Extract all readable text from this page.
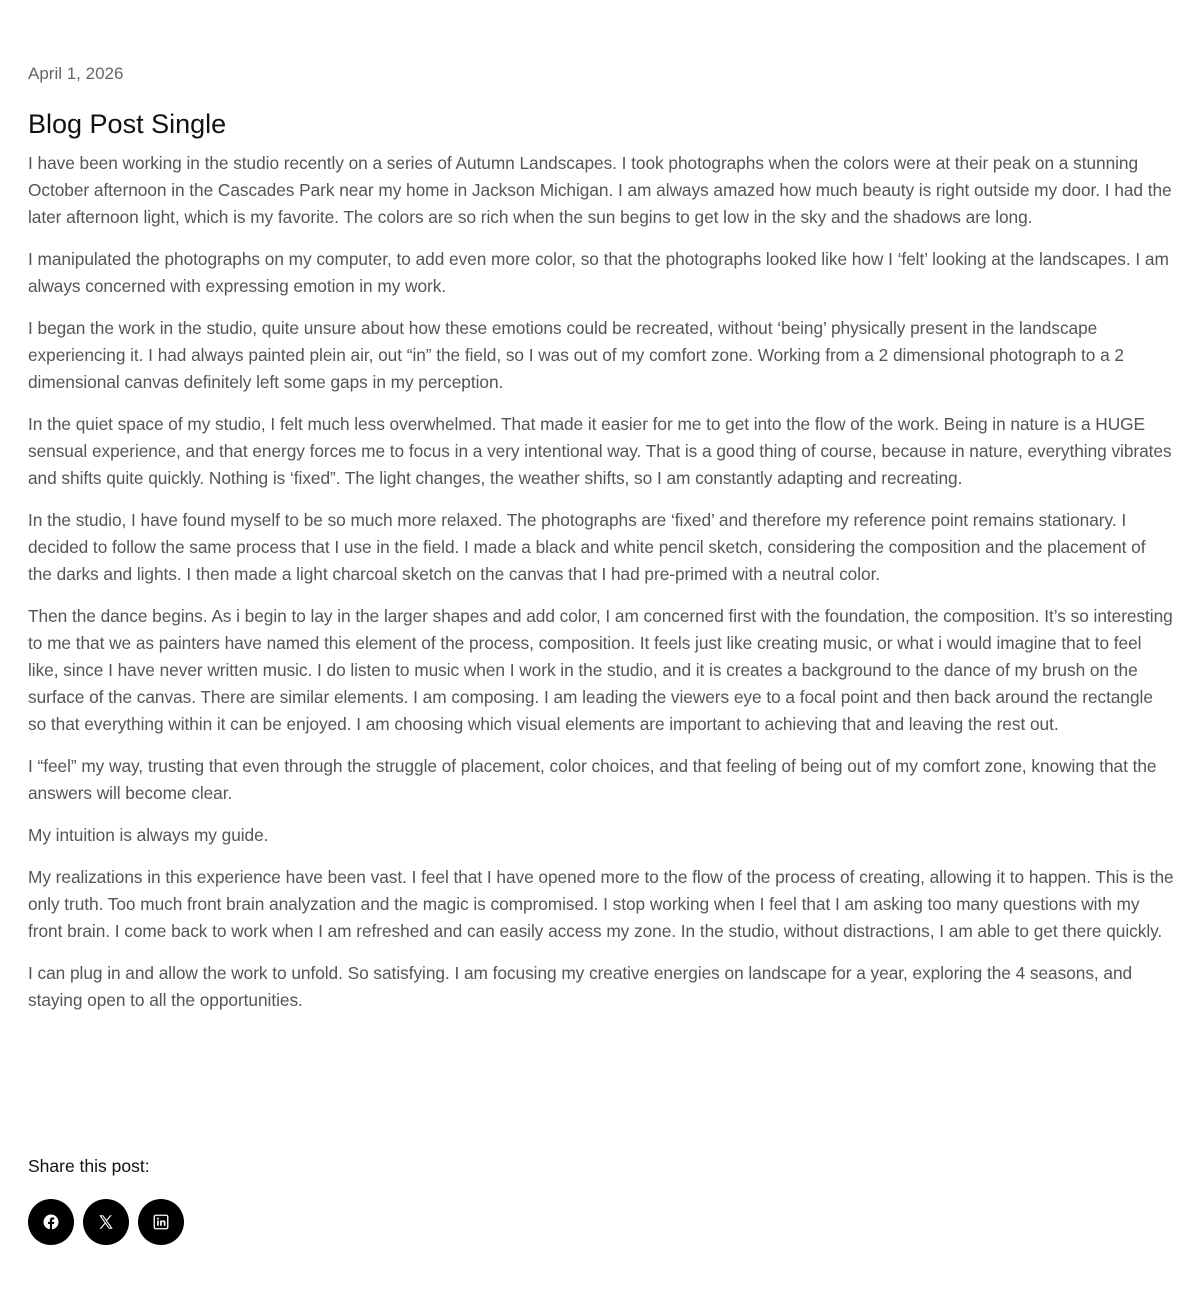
April 1, 2026
Blog Post Single

I have been working in the studio recently on a series of Autumn Landscapes. I took photographs when the colors were at their peak on a stunning October afternoon in the Cascades Park near my home in Jackson Michigan. I am always amazed how much beauty is right outside my door. I had the later afternoon light, which is my favorite. The colors are so rich when the sun begins to get low in the sky and the shadows are long.

I manipulated the photographs on my computer, to add even more color, so that the photographs looked like how I ‘felt’ looking at the landscapes. I am always concerned with expressing emotion in my work.

I began the work in the studio, quite unsure about how these emotions could be recreated, without ‘being’ physically present in the landscape experiencing it. I had always painted plein air, out “in” the field, so I was out of my comfort zone. Working from a 2 dimensional photograph to a 2 dimensional canvas definitely left some gaps in my perception.

In the quiet space of my studio, I felt much less overwhelmed. That made it easier for me to get into the flow of the work. Being in nature is a HUGE sensual experience, and that energy forces me to focus in a very intentional way. That is a good thing of course, because in nature, everything vibrates and shifts quite quickly. Nothing is ‘fixed”. The light changes, the weather shifts, so I am constantly adapting and recreating.

In the studio, I have found myself to be so much more relaxed. The photographs are ‘fixed’ and therefore my reference point remains stationary. I decided to follow the same process that I use in the field. I made a black and white pencil sketch, considering the composition and the placement of the darks and lights. I then made a light charcoal sketch on the canvas that I had pre-primed with a neutral color.

Then the dance begins. As i begin to lay in the larger shapes and add color, I am concerned first with the foundation, the composition. It’s so interesting to me that we as painters have named this element of the process, composition. It feels just like creating music, or what i would imagine that to feel like, since I have never written music. I do listen to music when I work in the studio, and it is creates a background to the dance of my brush on the surface of the canvas. There are similar elements. I am composing. I am leading the viewers eye to a focal point and then back around the rectangle so that everything within it can be enjoyed. I am choosing which visual elements are important to achieving that and leaving the rest out.

I “feel” my way, trusting that even through the struggle of placement, color choices, and that feeling of being out of my comfort zone, knowing that the answers will become clear.

My intuition is always my guide.

My realizations in this experience have been vast. I feel that I have opened more to the flow of the process of creating, allowing it to happen. This is the only truth. Too much front brain analyzation and the magic is compromised. I stop working when I feel that I am asking too many questions with my front brain. I come back to work when I am refreshed and can easily access my zone. In the studio, without distractions, I am able to get there quickly.

I can plug in and allow the work to unfold. So satisfying. I am focusing my creative energies on landscape for a year, exploring the 4 seasons, and staying open to all the opportunities.

Share this post:
